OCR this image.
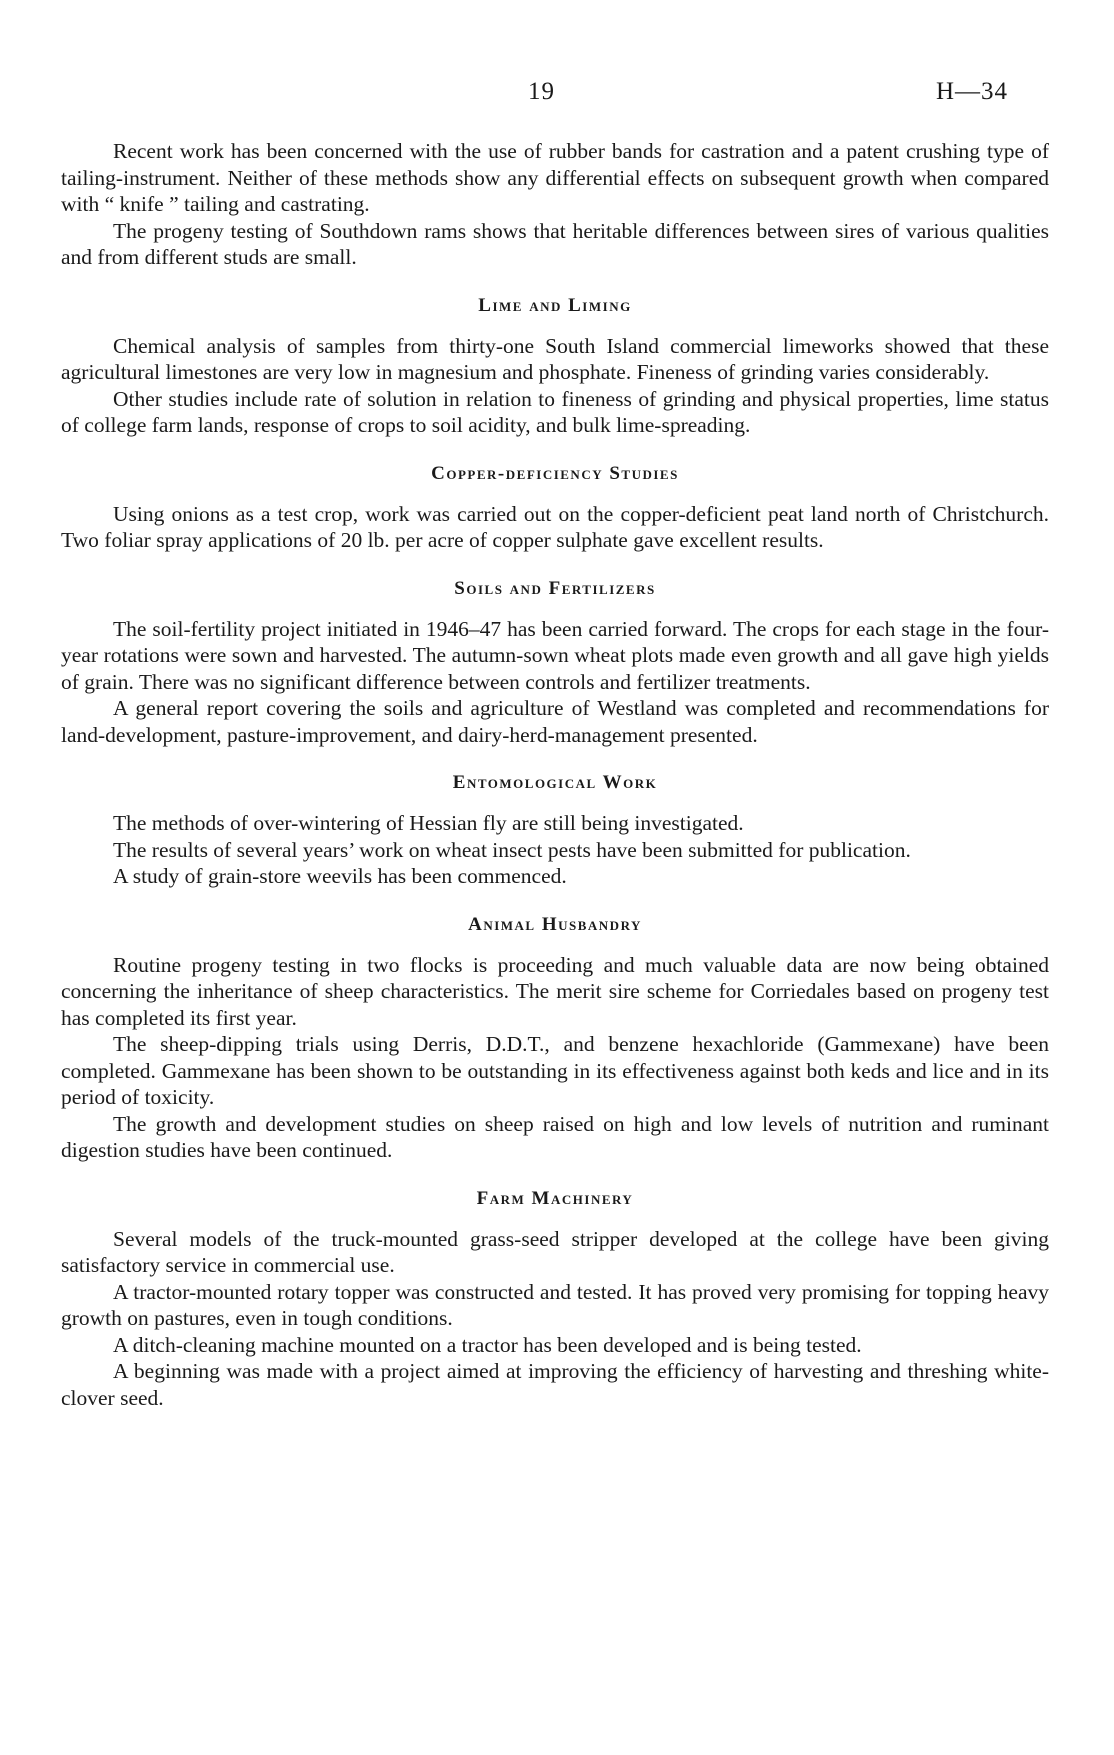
19	H—34

Recent work has been concerned with the use of rubber bands for castration and a patent crushing type of tailing-instrument. Neither of these methods show any differential effects on subsequent growth when compared with “ knife ” tailing and castrating.

The progeny testing of Southdown rams shows that heritable differences between sires of various qualities and from different studs are small.

Lime and Liming

Chemical analysis of samples from thirty-one South Island commercial limeworks showed that these agricultural limestones are very low in magnesium and phosphate. Fineness of grinding varies considerably.

Other studies include rate of solution in relation to fineness of grinding and physical properties, lime status of college farm lands, response of crops to soil acidity, and bulk lime-spreading.

Copper-deficiency Studies

Using onions as a test crop, work was carried out on the copper-deficient peat land north of Christchurch. Two foliar spray applications of 20 lb. per acre of copper sulphate gave excellent results.

Soils and Fertilizers

The soil-fertility project initiated in 1946–47 has been carried forward. The crops for each stage in the four-year rotations were sown and harvested. The autumn-sown wheat plots made even growth and all gave high yields of grain. There was no significant difference between controls and fertilizer treatments.

A general report covering the soils and agriculture of Westland was completed and recommendations for land-development, pasture-improvement, and dairy-herd-management presented.

Entomological Work

The methods of over-wintering of Hessian fly are still being investigated.

The results of several years’ work on wheat insect pests have been submitted for publication.

A study of grain-store weevils has been commenced.

Animal Husbandry

Routine progeny testing in two flocks is proceeding and much valuable data are now being obtained concerning the inheritance of sheep characteristics. The merit sire scheme for Corriedales based on progeny test has completed its first year.

The sheep-dipping trials using Derris, D.D.T., and benzene hexachloride (Gammexane) have been completed. Gammexane has been shown to be outstanding in its effectiveness against both keds and lice and in its period of toxicity.

The growth and development studies on sheep raised on high and low levels of nutrition and ruminant digestion studies have been continued.

Farm Machinery

Several models of the truck-mounted grass-seed stripper developed at the college have been giving satisfactory service in commercial use.

A tractor-mounted rotary topper was constructed and tested. It has proved very promising for topping heavy growth on pastures, even in tough conditions.

A ditch-cleaning machine mounted on a tractor has been developed and is being tested.

A beginning was made with a project aimed at improving the efficiency of harvesting and threshing white-clover seed.
